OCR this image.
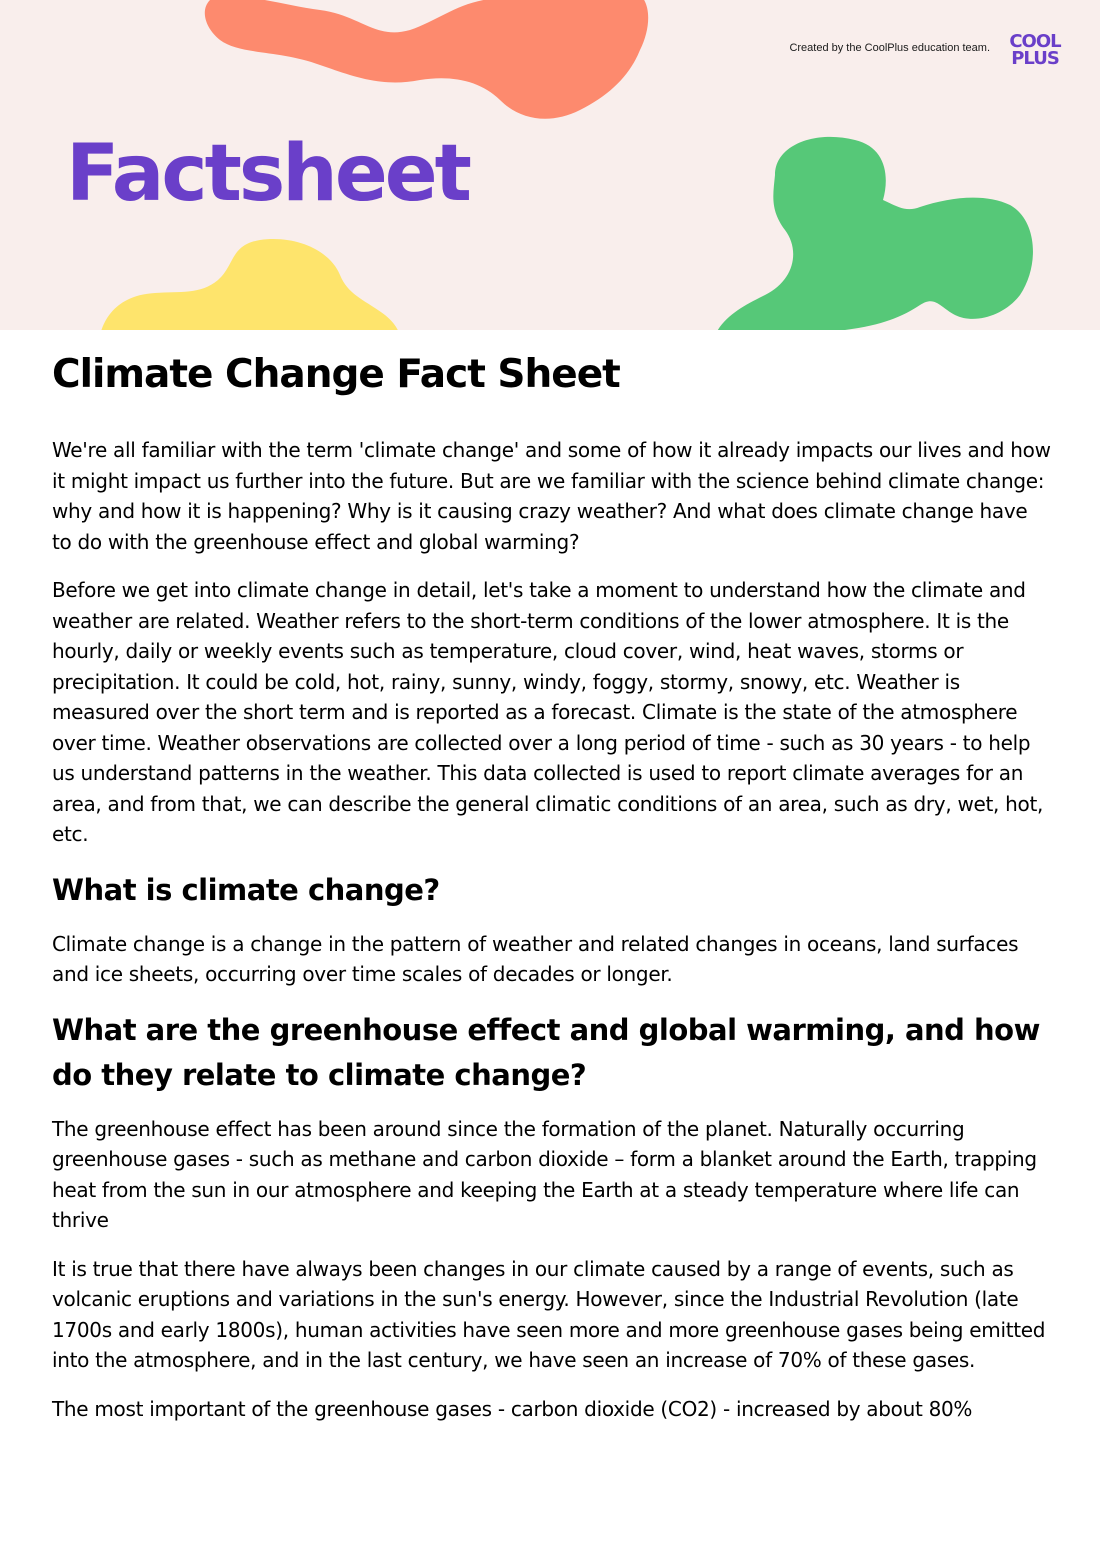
Created by the CoolPlus education team.	COOL
PLUS
Factsheet
Climate Change Fact Sheet

We're all familiar with the term 'climate change' and some of how it already impacts our lives and how it might impact us further into the future. But are we familiar with the science behind climate change: why and how it is happening? Why is it causing crazy weather? And what does climate change have to do with the greenhouse effect and global warming?

Before we get into climate change in detail, let's take a moment to understand how the climate and weather are related. Weather refers to the short-term conditions of the lower atmosphere. It is the hourly, daily or weekly events such as temperature, cloud cover, wind, heat waves, storms or precipitation. It could be cold, hot, rainy, sunny, windy, foggy, stormy, snowy, etc. Weather is measured over the short term and is reported as a forecast. Climate is the state of the atmosphere over time. Weather observations are collected over a long period of time - such as 30 years - to help us understand patterns in the weather. This data collected is used to report climate averages for an area, and from that, we can describe the general climatic conditions of an area, such as dry, wet, hot, etc.

What is climate change?

Climate change is a change in the pattern of weather and related changes in oceans, land surfaces and ice sheets, occurring over time scales of decades or longer.

What are the greenhouse effect and global warming, and how do they relate to climate change?

The greenhouse effect has been around since the formation of the planet. Naturally occurring greenhouse gases - such as methane and carbon dioxide – form a blanket around the Earth, trapping heat from the sun in our atmosphere and keeping the Earth at a steady temperature where life can thrive

It is true that there have always been changes in our climate caused by a range of events, such as volcanic eruptions and variations in the sun's energy. However, since the Industrial Revolution (late 1700s and early 1800s), human activities have seen more and more greenhouse gases being emitted into the atmosphere, and in the last century, we have seen an increase of 70% of these gases.

The most important of the greenhouse gases - carbon dioxide (CO2) - increased by about 80%
